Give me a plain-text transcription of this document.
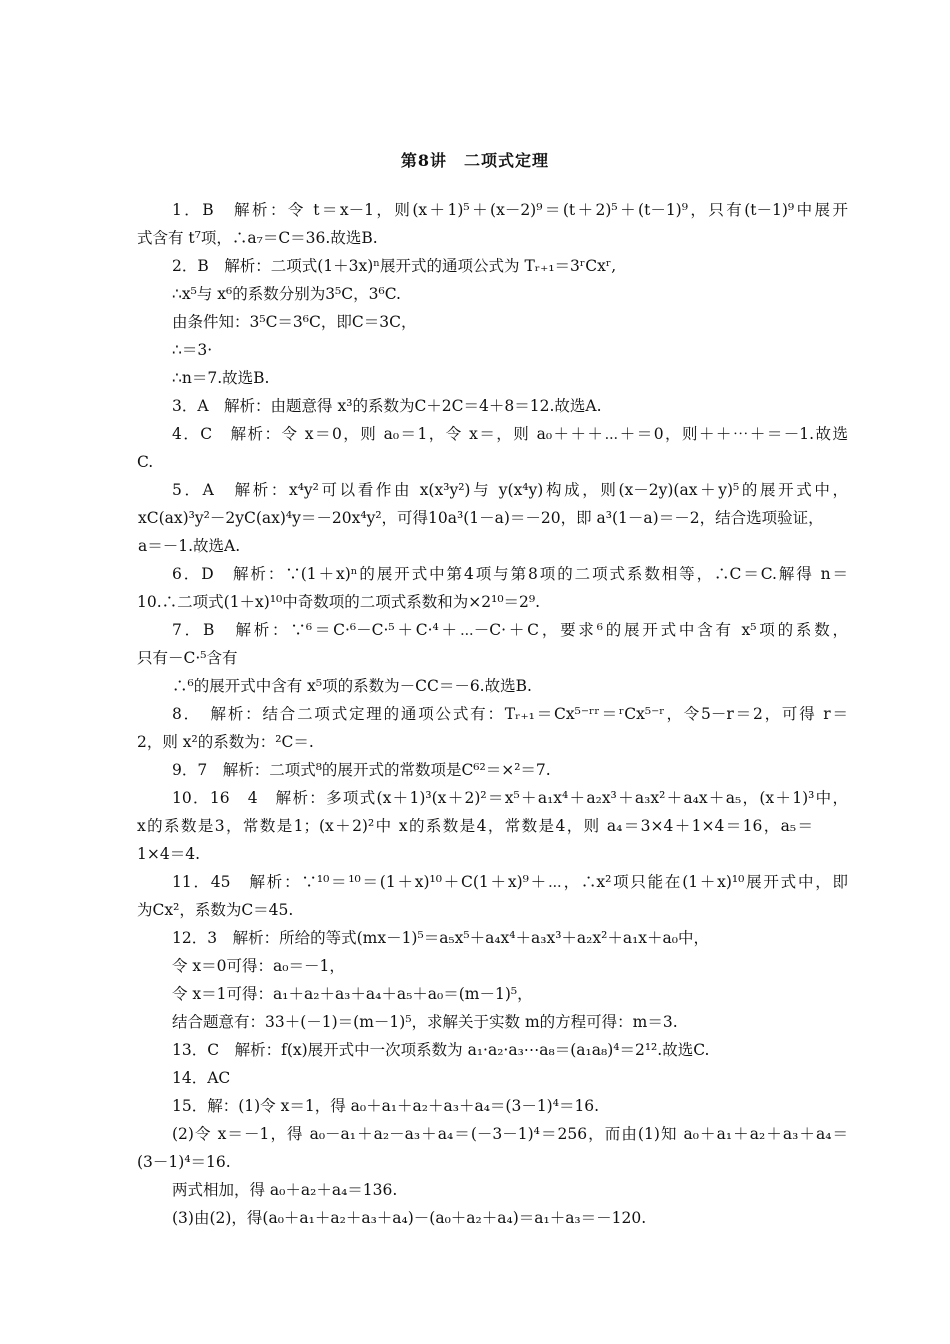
第8讲　二项式定理
1．B　解析：令 t＝x－1，则(x＋1)⁵＋(x－2)⁹＝(t＋2)⁵＋(t－1)⁹，只有(t－1)⁹中展开
式含有 t⁷项，∴a₇＝C＝36.故选B.
2．B　解析：二项式(1＋3x)ⁿ展开式的通项公式为 Tᵣ₊₁＝3ʳCxʳ,
∴x⁵与 x⁶的系数分别为3⁵C，3⁶C.
由条件知：3⁵C＝3⁶C，即C＝3C，
∴＝3·
∴n＝7.故选B.
3．A　解析：由题意得 x³的系数为C＋2C＝4＋8＝12.故选A.
4．C　解析：令 x＝0，则 a₀＝1，令 x＝，则 a₀＋＋＋⋯＋＝0，则＋＋⋯＋＝－1.故选
C.
5．A　解析：x⁴y²可以看作由 x(x³y²)与 y(x⁴y)构成，则(x－2y)(ax＋y)⁵的展开式中，
xC(ax)³y²－2yC(ax)⁴y＝－20x⁴y²，可得10a³(1－a)＝－20，即 a³(1－a)＝－2，结合选项验证，
a＝－1.故选A.
6．D　解析：∵(1＋x)ⁿ的展开式中第4项与第8项的二项式系数相等，∴C＝C.解得 n＝
10.∴二项式(1＋x)¹⁰中奇数项的二项式系数和为×2¹⁰＝2⁹.
7．B　解析：∵⁶＝C·⁶－C·⁵＋C·⁴＋⋯－C·＋C，要求⁶的展开式中含有 x⁵项的系数，
只有－C·⁵含有
∴⁶的展开式中含有 x⁵项的系数为－CC＝－6.故选B.
8．　解析：结合二项式定理的通项公式有：Tᵣ₊₁＝Cx⁵⁻ʳʳ＝ʳCx⁵⁻ʳ，令5－r＝2，可得 r＝
2，则 x²的系数为：²C＝.
9．7　解析：二项式⁸的展开式的常数项是C⁶²＝×²＝7.
10．16　4　解析：多项式(x＋1)³(x＋2)²＝x⁵＋a₁x⁴＋a₂x³＋a₃x²＋a₄x＋a₅，(x＋1)³中，
x的系数是3，常数是1；(x＋2)²中 x的系数是4，常数是4，则 a₄＝3×4＋1×4＝16，a₅＝
1×4＝4.
11．45　解析：∵¹⁰＝¹⁰＝(1＋x)¹⁰＋C(1＋x)⁹＋⋯，∴x²项只能在(1＋x)¹⁰展开式中，即
为Cx²，系数为C＝45.
12．3　解析：所给的等式(mx－1)⁵＝a₅x⁵＋a₄x⁴＋a₃x³＋a₂x²＋a₁x＋a₀中，
令 x＝0可得：a₀＝－1，
令 x＝1可得：a₁＋a₂＋a₃＋a₄＋a₅＋a₀＝(m－1)⁵，
结合题意有：33＋(－1)＝(m－1)⁵，求解关于实数 m的方程可得：m＝3.
13．C　解析：f(x)展开式中一次项系数为 a₁·a₂·a₃⋯a₈＝(a₁a₈)⁴＝2¹².故选C.
14．AC
15．解：(1)令 x＝1，得 a₀＋a₁＋a₂＋a₃＋a₄＝(3－1)⁴＝16.
(2)令 x＝－1，得 a₀－a₁＋a₂－a₃＋a₄＝(－3－1)⁴＝256，而由(1)知 a₀＋a₁＋a₂＋a₃＋a₄＝
(3－1)⁴＝16.
两式相加，得 a₀＋a₂＋a₄＝136.
(3)由(2)，得(a₀＋a₁＋a₂＋a₃＋a₄)－(a₀＋a₂＋a₄)＝a₁＋a₃＝－120.
